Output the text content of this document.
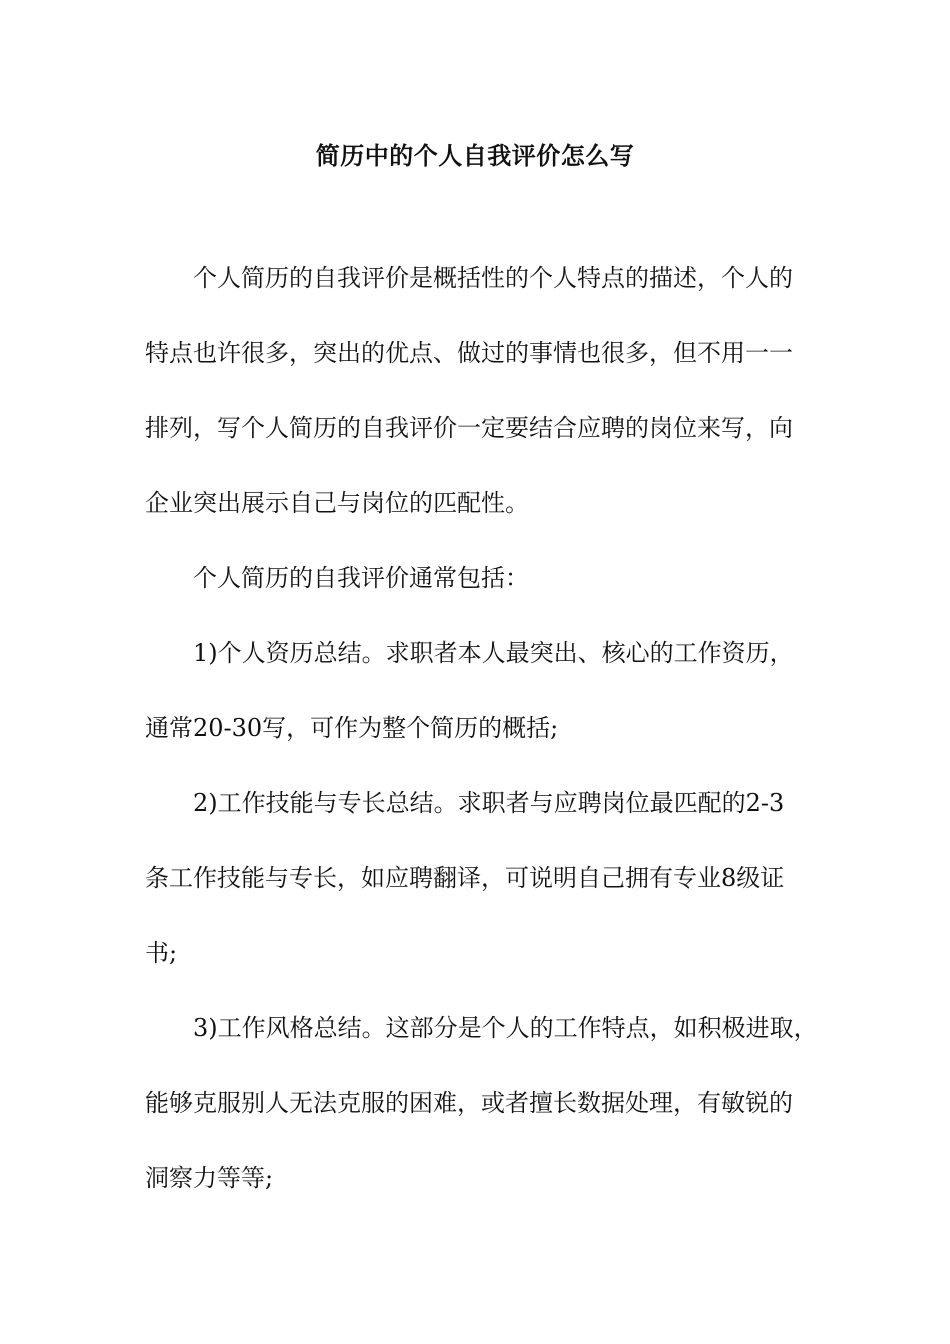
简历中的个人自我评价怎么写

个人简历的自我评价是概括性的个人特点的描述，个人的

特点也许很多，突出的优点、做过的事情也很多，但不用一一

排列，写个人简历的自我评价一定要结合应聘的岗位来写，向

企业突出展示自己与岗位的匹配性。

个人简历的自我评价通常包括：

1)个人资历总结。求职者本人最突出、核心的工作资历，

通常20-30写，可作为整个简历的概括;

2)工作技能与专长总结。求职者与应聘岗位最匹配的2-3

条工作技能与专长，如应聘翻译，可说明自己拥有专业8级证

书;

3)工作风格总结。这部分是个人的工作特点，如积极进取，

能够克服别人无法克服的困难，或者擅长数据处理，有敏锐的

洞察力等等;
